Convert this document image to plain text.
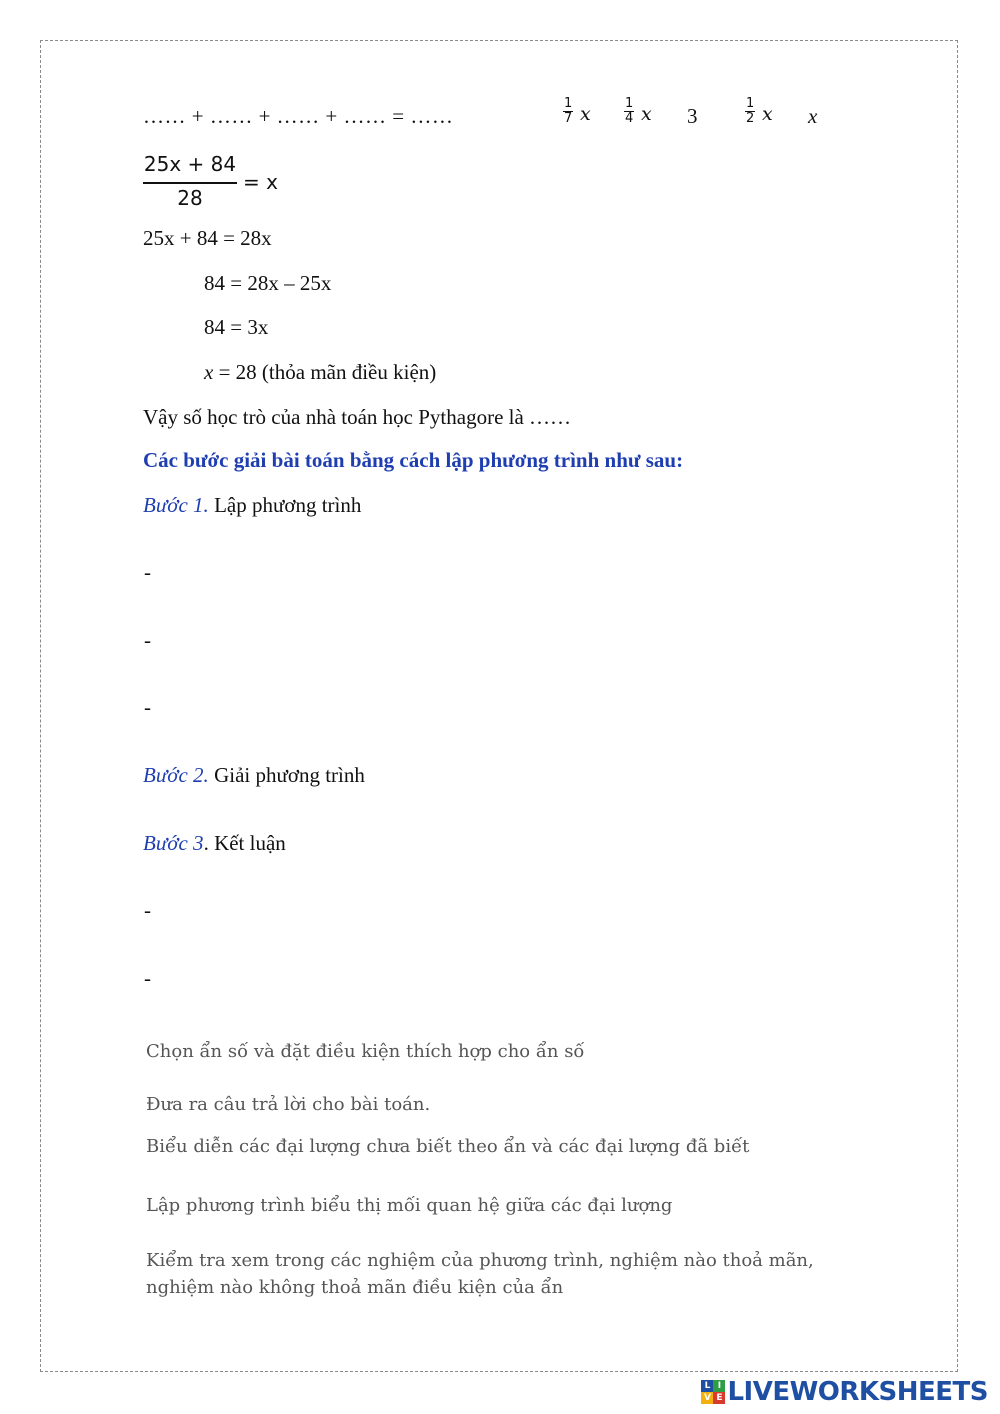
…… + …… + …… + …… = ……	$\frac{1}{7}$ x	$\frac{1}{4}$ x 3	$\frac{1}{2}$ x x
25x + 84
28
= x
25x + 84 = 28x
84 = 28x – 25x
84 = 3x
x = 28 (thỏa mãn điều kiện)
Vậy số học trò của nhà toán học Pythagore là ……
Các bước giải bài toán bằng cách lập phương trình như sau:
Bước 1. Lập phương trình
-
-
-
Bước 2. Giải phương trình
Bước 3. Kết luận
-
-
Chọn ẩn số và đặt điều kiện thích hợp cho ẩn số
Đưa ra câu trả lời cho bài toán.
Biểu diễn các đại lượng chưa biết theo ẩn và các đại lượng đã biết
Lập phương trình biểu thị mối quan hệ giữa các đại lượng
Kiểm tra xem trong các nghiệm của phương trình, nghiệm nào thoả mãn,
nghiệm nào không thoả mãn điều kiện của ẩn
L I
V E LIVEWORKSHEETS
